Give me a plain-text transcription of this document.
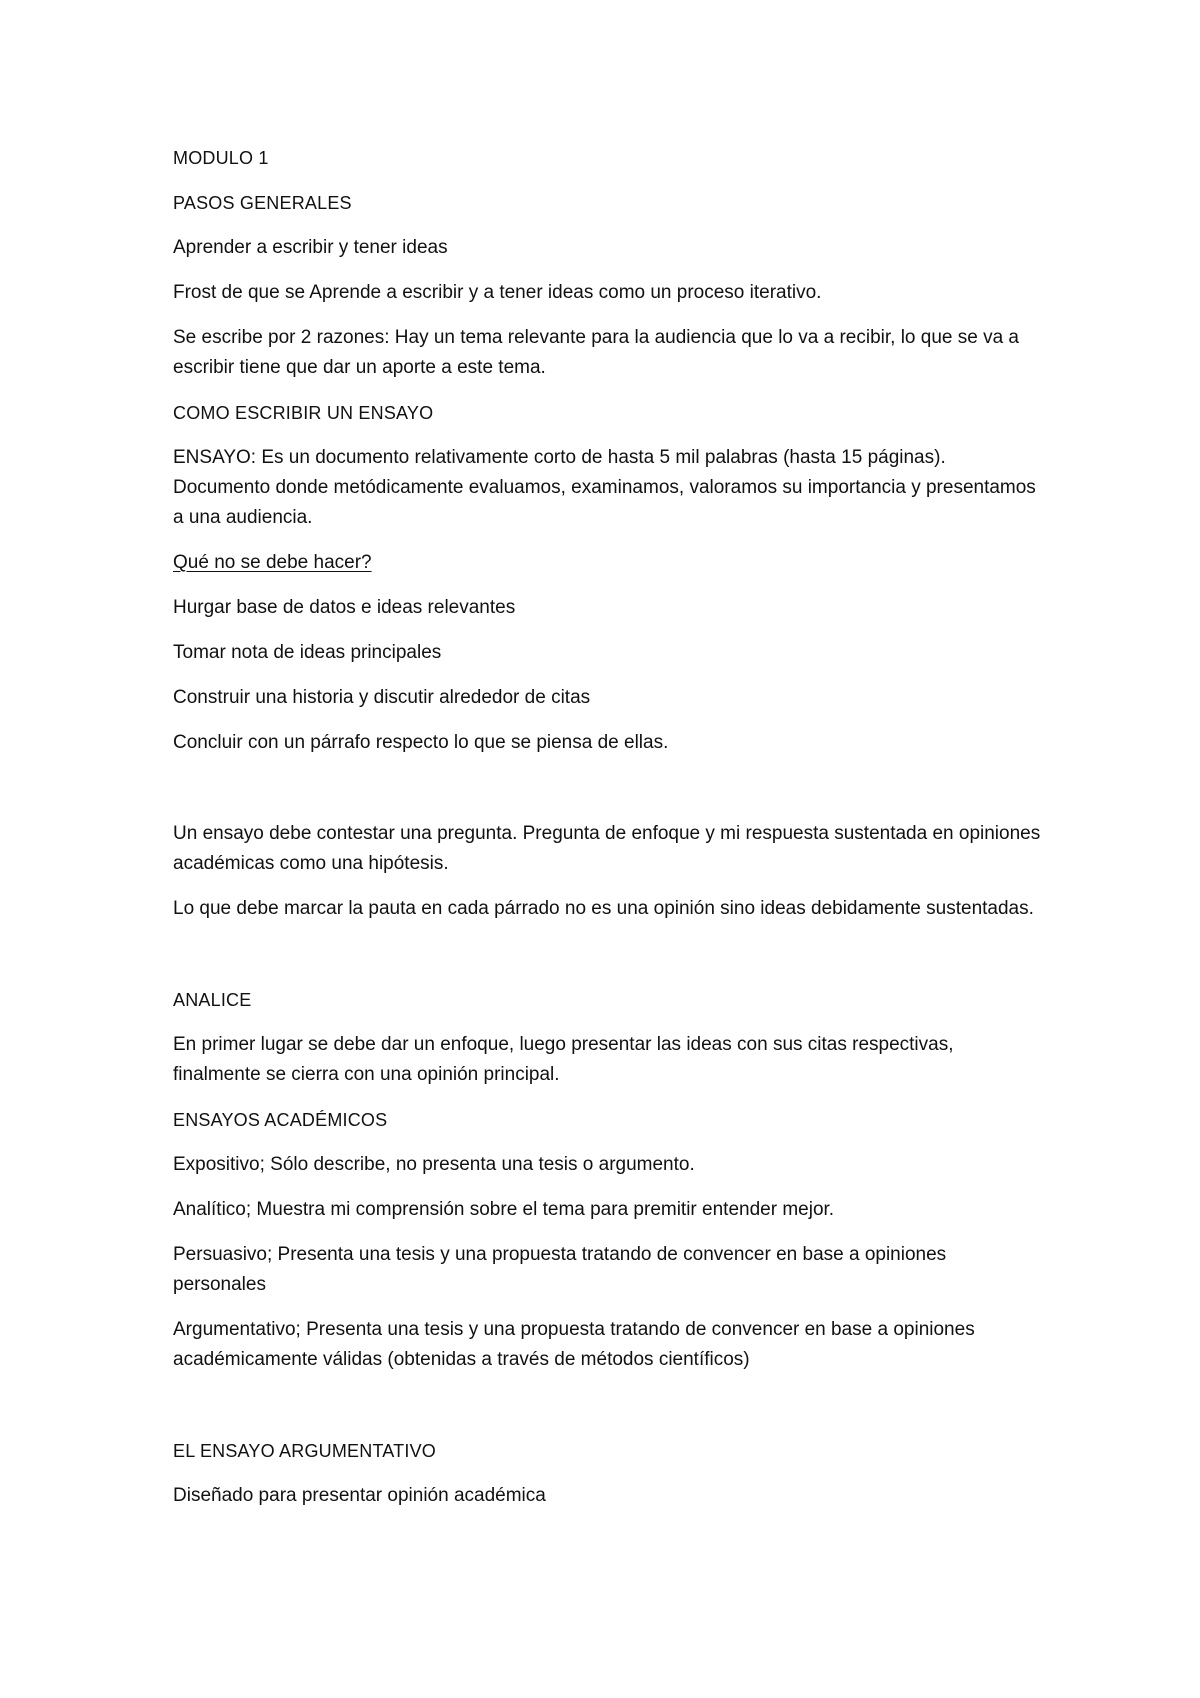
MODULO 1

PASOS GENERALES

Aprender a escribir y tener ideas

Frost de que se Aprende a escribir y a tener ideas como un proceso iterativo.

Se escribe por 2 razones: Hay un tema relevante para la audiencia que lo va a recibir, lo que se va a escribir tiene que dar un aporte a este tema.

COMO ESCRIBIR UN ENSAYO

ENSAYO: Es un documento relativamente corto de hasta 5 mil palabras (hasta 15 páginas). Documento donde metódicamente evaluamos, examinamos, valoramos su importancia y presentamos a una audiencia.

Qué no se debe hacer?

Hurgar base de datos e ideas relevantes

Tomar nota de ideas principales

Construir una historia y discutir alrededor de citas

Concluir con un párrafo respecto lo que se piensa de ellas.

Un ensayo debe contestar una pregunta. Pregunta de enfoque y mi respuesta sustentada en opiniones académicas como una hipótesis.

Lo que debe marcar la pauta en cada párrado no es una opinión sino ideas debidamente sustentadas.

ANALICE

En primer lugar se debe dar un enfoque, luego presentar las ideas con sus citas respectivas, finalmente se cierra con una opinión principal.

ENSAYOS ACADÉMICOS

Expositivo; Sólo describe, no presenta una tesis o argumento.

Analítico; Muestra mi comprensión sobre el tema para premitir entender mejor.

Persuasivo; Presenta una tesis y una propuesta tratando de convencer en base a opiniones personales

Argumentativo; Presenta una tesis y una propuesta tratando de convencer en base a opiniones académicamente válidas (obtenidas a través de métodos científicos)

EL ENSAYO ARGUMENTATIVO

Diseñado para presentar opinión académica
